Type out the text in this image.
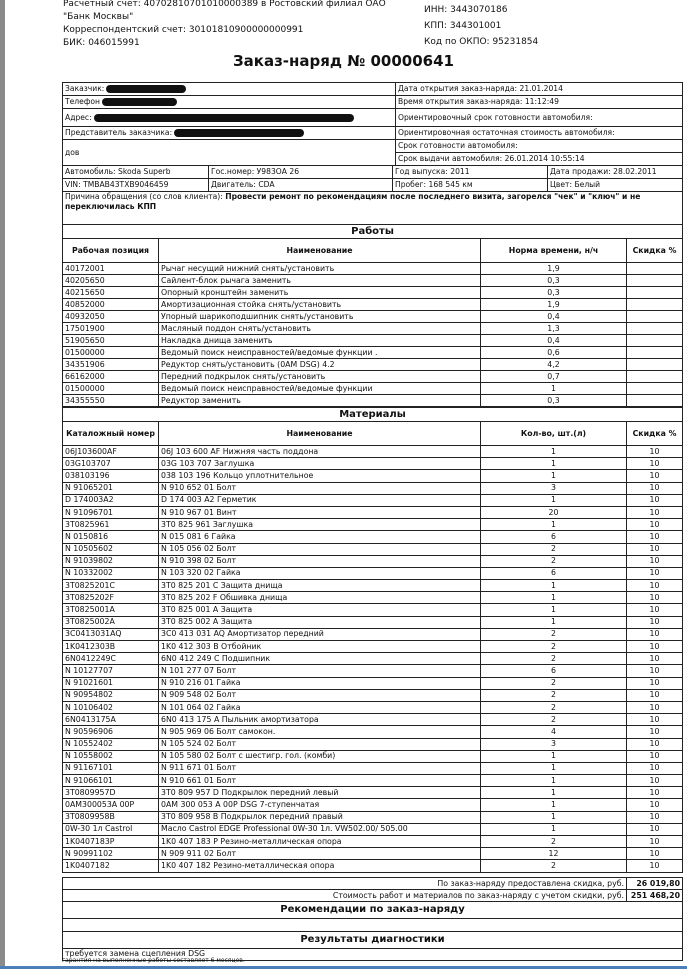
Расчетный счет: 40702810701010000389 в Ростовский филиал ОАО
"Банк Москвы"
Корреспондентский счет: 30101810900000000991
БИК: 046015991
ИНН: 3443070186
КПП: 344301001
Код по ОКПО: 95231854
Заказ-наряд № 00000641
Заказчик:	Дата открытия заказ-наряда: 21.01.2014
Телефон	Время открытия заказ-наряда: 11:12:49
Адрес:	Ориентировочный срок готовности автомобиля:
Представитель заказчика:	Ориентировочная остаточная стоимость автомобиля:
дов	Срок готовности автомобиля:
	Срок выдачи автомобиля: 26.01.2014 10:55:14
Автомобиль: Skoda Superb	Гос.номер: У983ОА 26	Год выпуска: 2011	Дата продажи: 28.02.2011
VIN: TMBAB43TXB9046459	Двигатель: CDA	Пробег: 168 545 км	Цвет: Белый
Причина обращения (со слов клиента): Провести ремонт по рекомендациям после последнего визита, загорелся "чек" и "ключ" и не переключилась КПП			
Работы			
Рабочая позиция	Наименование	Норма времени, н/ч	Скидка %
40172001	Рычаг несущий нижний снять/установить	1,9	
40205650	Сайлент-блок рычага заменить	0,3	
40215650	Опорный кронштейн заменить	0,3	
40852000	Амортизационная стойка снять/установить	1,9	
40932050	Упорный шарикоподшипник снять/установить	0,4	
17501900	Масляный поддон снять/установить	1,3	
51905650	Накладка днища заменить	0,4	
01500000	Ведомый поиск неисправностей/ведомые функции .	0,6	
34351906	Редуктор снять/установить (0AM DSG) 4.2	4,2	
66162000	Передний подкрылок снять/установить	0,7	
01500000	Ведомый поиск неисправностей/ведомые функции	1	
34355550	Редуктор заменить	0,3	
Материалы			
Каталожный номер	Наименование	Кол-во, шт.(л)	Скидка %
06J103600AF	06J 103 600 AF Нижняя часть поддона	1	10
03G103707	03G 103 707 Заглушка	1	10
038103196	038 103 196 Кольцо уплотнительное	1	10
N 91065201	N 910 652 01 Болт	3	10
D 174003A2	D 174 003 A2 Герметик	1	10
N 91096701	N 910 967 01 Винт	20	10
3T0825961	3T0 825 961 Заглушка	1	10
N 0150816	N 015 081 6 Гайка	6	10
N 10505602	N 105 056 02 Болт	2	10
N 91039802	N 910 398 02 Болт	2	10
N 10332002	N 103 320 02 Гайка	6	10
3T0825201C	3T0 825 201 C Защита днища	1	10
3T0825202F	3T0 825 202 F Обшивка днища	1	10
3T0825001A	3T0 825 001 A Защита	1	10
3T0825002A	3T0 825 002 A Защита	1	10
3C0413031AQ	3C0 413 031 AQ Амортизатор передний	2	10
1K0412303B	1K0 412 303 B Отбойник	2	10
6N0412249C	6N0 412 249 C Подшипник	2	10
N 10127707	N 101 277 07 Болт	6	10
N 91021601	N 910 216 01 Гайка	2	10
N 90954802	N 909 548 02 Болт	2	10
N 10106402	N 101 064 02 Гайка	2	10
6N0413175A	6N0 413 175 A Пыльник амортизатора	2	10
N 90596906	N 905 969 06 Болт самокон.	4	10
N 10552402	N 105 524 02 Болт	3	10
N 10558002	N 105 580 02 Болт с шестигр. гол. (комби)	1	10
N 91167101	N 911 671 01 Болт	1	10
N 91066101	N 910 661 01 Болт	1	10
3T0809957D	3T0 809 957 D Подкрылок передний левый	1	10
0AM300053A 00P	0AM 300 053 A 00P DSG 7-ступенчатая	1	10
3T0809958B	3T0 809 958 B Подкрылок передний правый	1	10
0W-30 1л Castrol	Масло Castrol EDGE Professional 0W-30 1л. VW502.00/ 505.00	1	10
1K0407183P	1K0 407 183 P Резино-металлическая опора	2	10
N 90991102	N 909 911 02 Болт	12	10
1K0407182	1K0 407 182 Резино-металлическая опора	2	10
По заказ-наряду предоставлена скидка, руб.	26 019,80
Стоимость работ и материалов по заказ-наряду с учетом скидки, руб.	251 468,20
Рекомендации по заказ-наряду	

Результаты диагностики	
требуется замена сцепления DSG	
гарантия на выполненные работы составляет 6 месяцев.
